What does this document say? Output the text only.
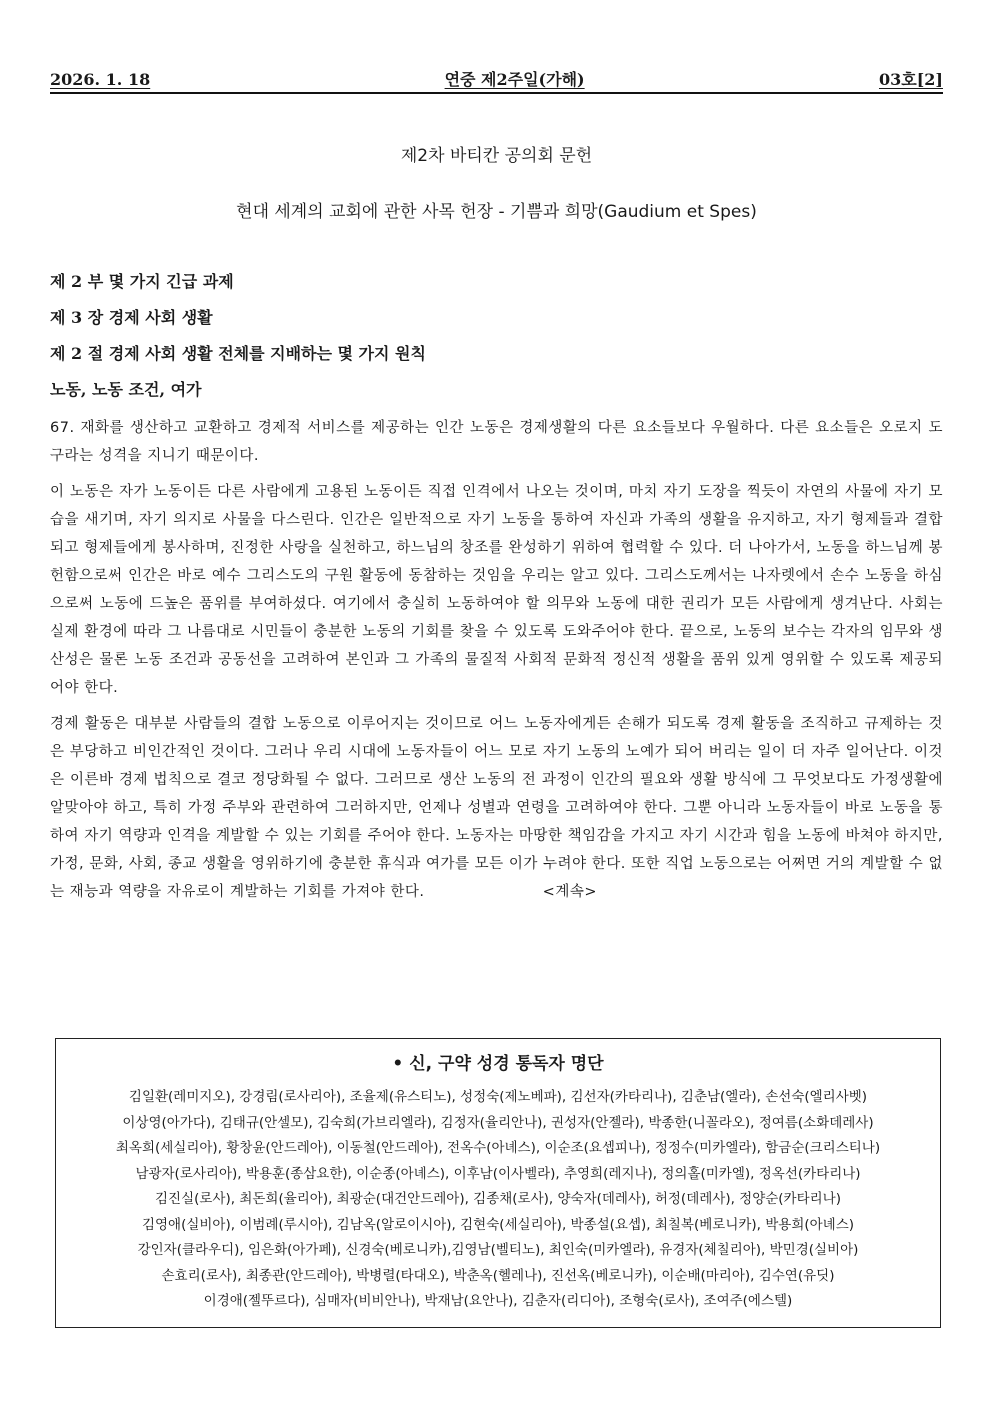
2026. 1. 18	연중 제2주일(가해)	03호[2]
제2차 바티칸 공의회 문헌
현대 세계의 교회에 관한 사목 헌장 - 기쁨과 희망(Gaudium et Spes)
제 2 부 몇 가지 긴급 과제
제 3 장 경제 사회 생활
제 2 절 경제 사회 생활 전체를 지배하는 몇 가지 원칙
노동, 노동 조건, 여가

67. 재화를 생산하고 교환하고 경제적 서비스를 제공하는 인간 노동은 경제생활의 다른 요소들보다 우월하다. 다른 요소들은 오로지 도구라는 성격을 지니기 때문이다.

이 노동은 자가 노동이든 다른 사람에게 고용된 노동이든 직접 인격에서 나오는 것이며, 마치 자기 도장을 찍듯이 자연의 사물에 자기 모습을 새기며, 자기 의지로 사물을 다스린다. 인간은 일반적으로 자기 노동을 통하여 자신과 가족의 생활을 유지하고, 자기 형제들과 결합되고 형제들에게 봉사하며, 진정한 사랑을 실천하고, 하느님의 창조를 완성하기 위하여 협력할 수 있다. 더 나아가서, 노동을 하느님께 봉헌함으로써 인간은 바로 예수 그리스도의 구원 활동에 동참하는 것임을 우리는 알고 있다. 그리스도께서는 나자렛에서 손수 노동을 하심으로써 노동에 드높은 품위를 부여하셨다. 여기에서 충실히 노동하여야 할 의무와 노동에 대한 권리가 모든 사람에게 생겨난다. 사회는 실제 환경에 따라 그 나름대로 시민들이 충분한 노동의 기회를 찾을 수 있도록 도와주어야 한다. 끝으로, 노동의 보수는 각자의 임무와 생산성은 물론 노동 조건과 공동선을 고려하여 본인과 그 가족의 물질적 사회적 문화적 정신적 생활을 품위 있게 영위할 수 있도록 제공되어야 한다.

경제 활동은 대부분 사람들의 결합 노동으로 이루어지는 것이므로 어느 노동자에게든 손해가 되도록 경제 활동을 조직하고 규제하는 것은 부당하고 비인간적인 것이다. 그러나 우리 시대에 노동자들이 어느 모로 자기 노동의 노예가 되어 버리는 일이 더 자주 일어난다. 이것은 이른바 경제 법칙으로 결코 정당화될 수 없다. 그러므로 생산 노동의 전 과정이 인간의 필요와 생활 방식에 그 무엇보다도 가정생활에 알맞아야 하고, 특히 가정 주부와 관련하여 그러하지만, 언제나 성별과 연령을 고려하여야 한다. 그뿐 아니라 노동자들이 바로 노동을 통하여 자기 역량과 인격을 계발할 수 있는 기회를 주어야 한다. 노동자는 마땅한 책임감을 가지고 자기 시간과 힘을 노동에 바쳐야 하지만, 가정, 문화, 사회, 종교 생활을 영위하기에 충분한 휴식과 여가를 모든 이가 누려야 한다. 또한 직업 노동으로는 어쩌면 거의 계발할 수 없는 재능과 역량을 자유로이 계발하는 기회를 가져야 한다.	<계속>

• 신, 구약 성경 통독자 명단
김일환(레미지오), 강경림(로사리아), 조율제(유스티노), 성정숙(제노베파), 김선자(카타리나), 김춘남(엘라), 손선숙(엘리사벳)
이상영(아가다), 김태규(안셀모), 김숙희(가브리엘라), 김정자(율리안나), 권성자(안젤라), 박종한(니꼴라오), 정여름(소화데레사)
최옥희(세실리아), 황창윤(안드레아), 이동철(안드레아), 전옥수(아녜스), 이순조(요셉피나), 정정수(미카엘라), 함금순(크리스티나)
남광자(로사리아), 박용훈(종삼요한), 이순종(아녜스), 이후남(이사벨라), 추영희(레지나), 정의홀(미카엘), 정옥선(카타리나)
김진실(로사), 최돈희(율리아), 최광순(대건안드레아), 김종채(로사), 양숙자(데레사), 허정(데레사), 정양순(카타리나)
김영애(실비아), 이범례(루시아), 김남옥(알로이시아), 김현숙(세실리아), 박종설(요셉), 최칠복(베로니카), 박용희(아녜스)
강인자(클라우디), 임은화(아가페), 신경숙(베로니카),김영남(벨티노), 최인숙(미카엘라), 유경자(체칠리아), 박민경(실비아)
손효리(로사), 최종관(안드레아), 박병렬(타대오), 박춘옥(헬레나), 진선옥(베로니카), 이순배(마리아), 김수연(유딧)
이경애(젤뚜르다), 심매자(비비안나), 박재남(요안나), 김춘자(리디아), 조형숙(로사), 조여주(에스텔)
